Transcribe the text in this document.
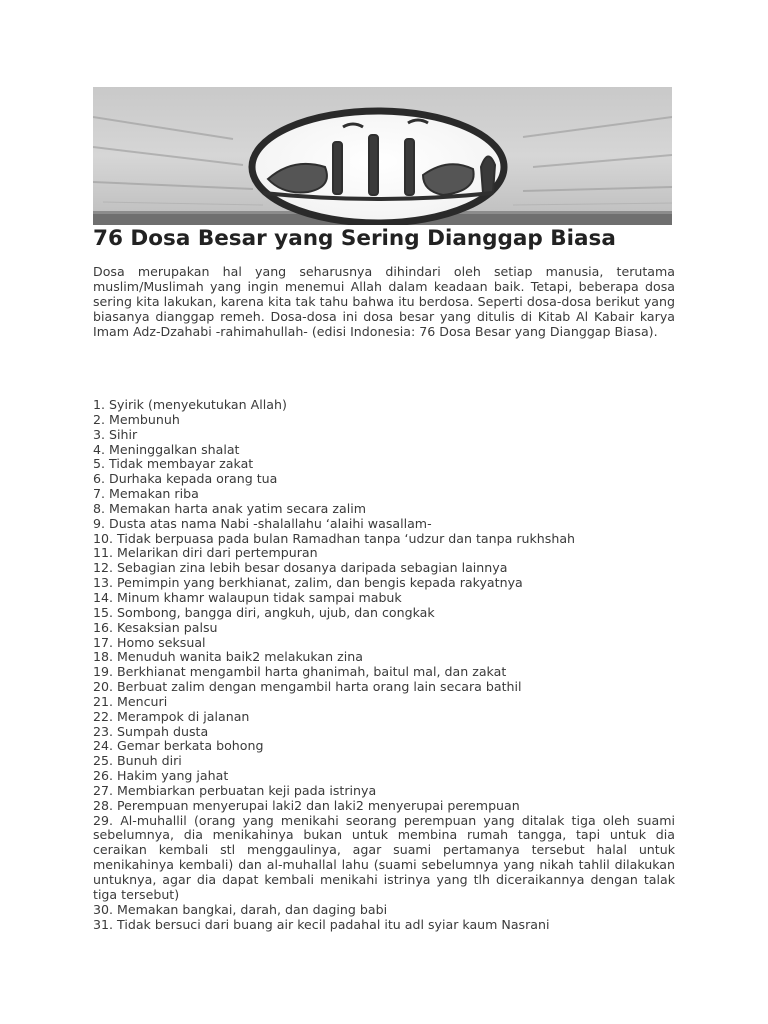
76 Dosa Besar yang Sering Dianggap Biasa

Dosa merupakan hal yang seharusnya dihindari oleh setiap manusia, terutama muslim/Muslimah yang ingin menemui Allah dalam keadaan baik. Tetapi, beberapa dosa sering kita lakukan, karena kita tak tahu bahwa itu berdosa. Seperti dosa-dosa berikut yang biasanya dianggap remeh. Dosa-dosa ini dosa besar yang ditulis di Kitab Al Kabair karya Imam Adz-Dzahabi -rahimahullah- (edisi Indonesia: 76 Dosa Besar yang Dianggap Biasa).

1. Syirik (menyekutukan Allah)
2. Membunuh
3. Sihir
4. Meninggalkan shalat
5. Tidak membayar zakat
6. Durhaka kepada orang tua
7. Memakan riba
8. Memakan harta anak yatim secara zalim
9. Dusta atas nama Nabi -shalallahu ‘alaihi wasallam-
10. Tidak berpuasa pada bulan Ramadhan tanpa ‘udzur dan tanpa rukhshah
11. Melarikan diri dari pertempuran
12. Sebagian zina lebih besar dosanya daripada sebagian lainnya
13. Pemimpin yang berkhianat, zalim, dan bengis kepada rakyatnya
14. Minum khamr walaupun tidak sampai mabuk
15. Sombong, bangga diri, angkuh, ujub, dan congkak
16. Kesaksian palsu
17. Homo seksual
18. Menuduh wanita baik2 melakukan zina
19. Berkhianat mengambil harta ghanimah, baitul mal, dan zakat
20. Berbuat zalim dengan mengambil harta orang lain secara bathil
21. Mencuri
22. Merampok di jalanan
23. Sumpah dusta
24. Gemar berkata bohong
25. Bunuh diri
26. Hakim yang jahat
27. Membiarkan perbuatan keji pada istrinya
28. Perempuan menyerupai laki2 dan laki2 menyerupai perempuan
29. Al-muhallil (orang yang menikahi seorang perempuan yang ditalak tiga oleh suami sebelumnya, dia menikahinya bukan untuk membina rumah tangga, tapi untuk dia ceraikan kembali stl menggaulinya, agar suami pertamanya tersebut halal untuk menikahinya kembali) dan al-muhallal lahu (suami sebelumnya yang nikah tahlil dilakukan untuknya, agar dia dapat kembali menikahi istrinya yang tlh diceraikannya dengan talak tiga tersebut)
30. Memakan bangkai, darah, dan daging babi
31. Tidak bersuci dari buang air kecil padahal itu adl syiar kaum Nasrani
